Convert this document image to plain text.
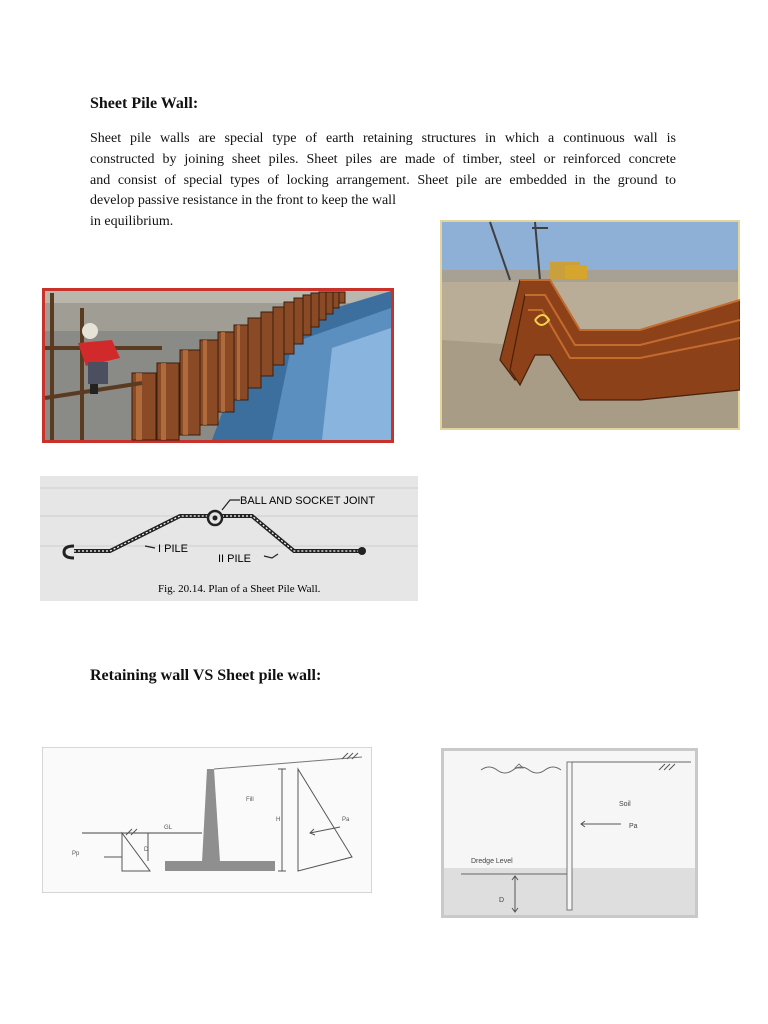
Sheet Pile Wall:

Sheet pile walls are special type of earth retaining structures in which a continuous wall is
constructed by joining sheet piles. Sheet piles are made of timber, steel or reinforced concrete
and consist of special types of locking arrangement. Sheet pile are embedded in the ground to
develop passive resistance in the front to keep the wall
in equilibrium.

BALL AND SOCKET JOINT
I PILE
II PILE
Fig. 20.14. Plan of a Sheet Pile Wall.
Retaining wall VS Sheet pile wall:
Fill
GL
H	Pa
Pp
D
Soil
Pa
Dredge Level
D
